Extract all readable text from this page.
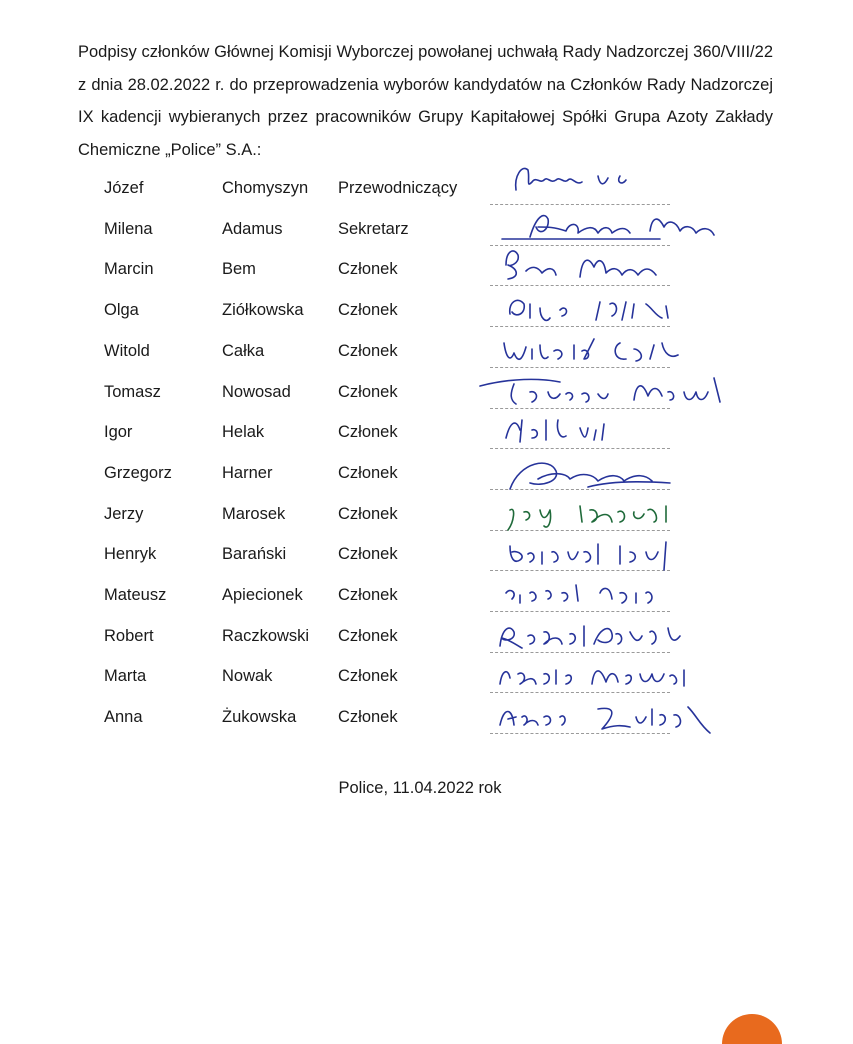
Podpisy członków Głównej Komisji Wyborczej powołanej uchwałą Rady Nadzorczej 360/VIII/22 z dnia 28.02.2022 r. do przeprowadzenia wyborów kandydatów na Członków Rady Nadzorczej IX kadencji wybieranych przez pracowników Grupy Kapitałowej Spółki Grupa Azoty Zakłady Chemiczne „Police” S.A.:
Józef	Chomyszyn Przewodniczący
Milena	Adamus	Sekretarz
Marcin	Bem	Członek
Olga	Ziółkowska Członek
Witold	Całka	Członek
Tomasz	Nowosad	Członek
Igor	Helak	Członek
Grzegorz	Harner	Członek
Jerzy	Marosek	Członek
Henryk	Barański	Członek
Mateusz	Apiecionek Członek
Robert	Raczkowski Członek
Marta	Nowak	Członek
Anna	Żukowska	Członek
Police, 11.04.2022 rok
